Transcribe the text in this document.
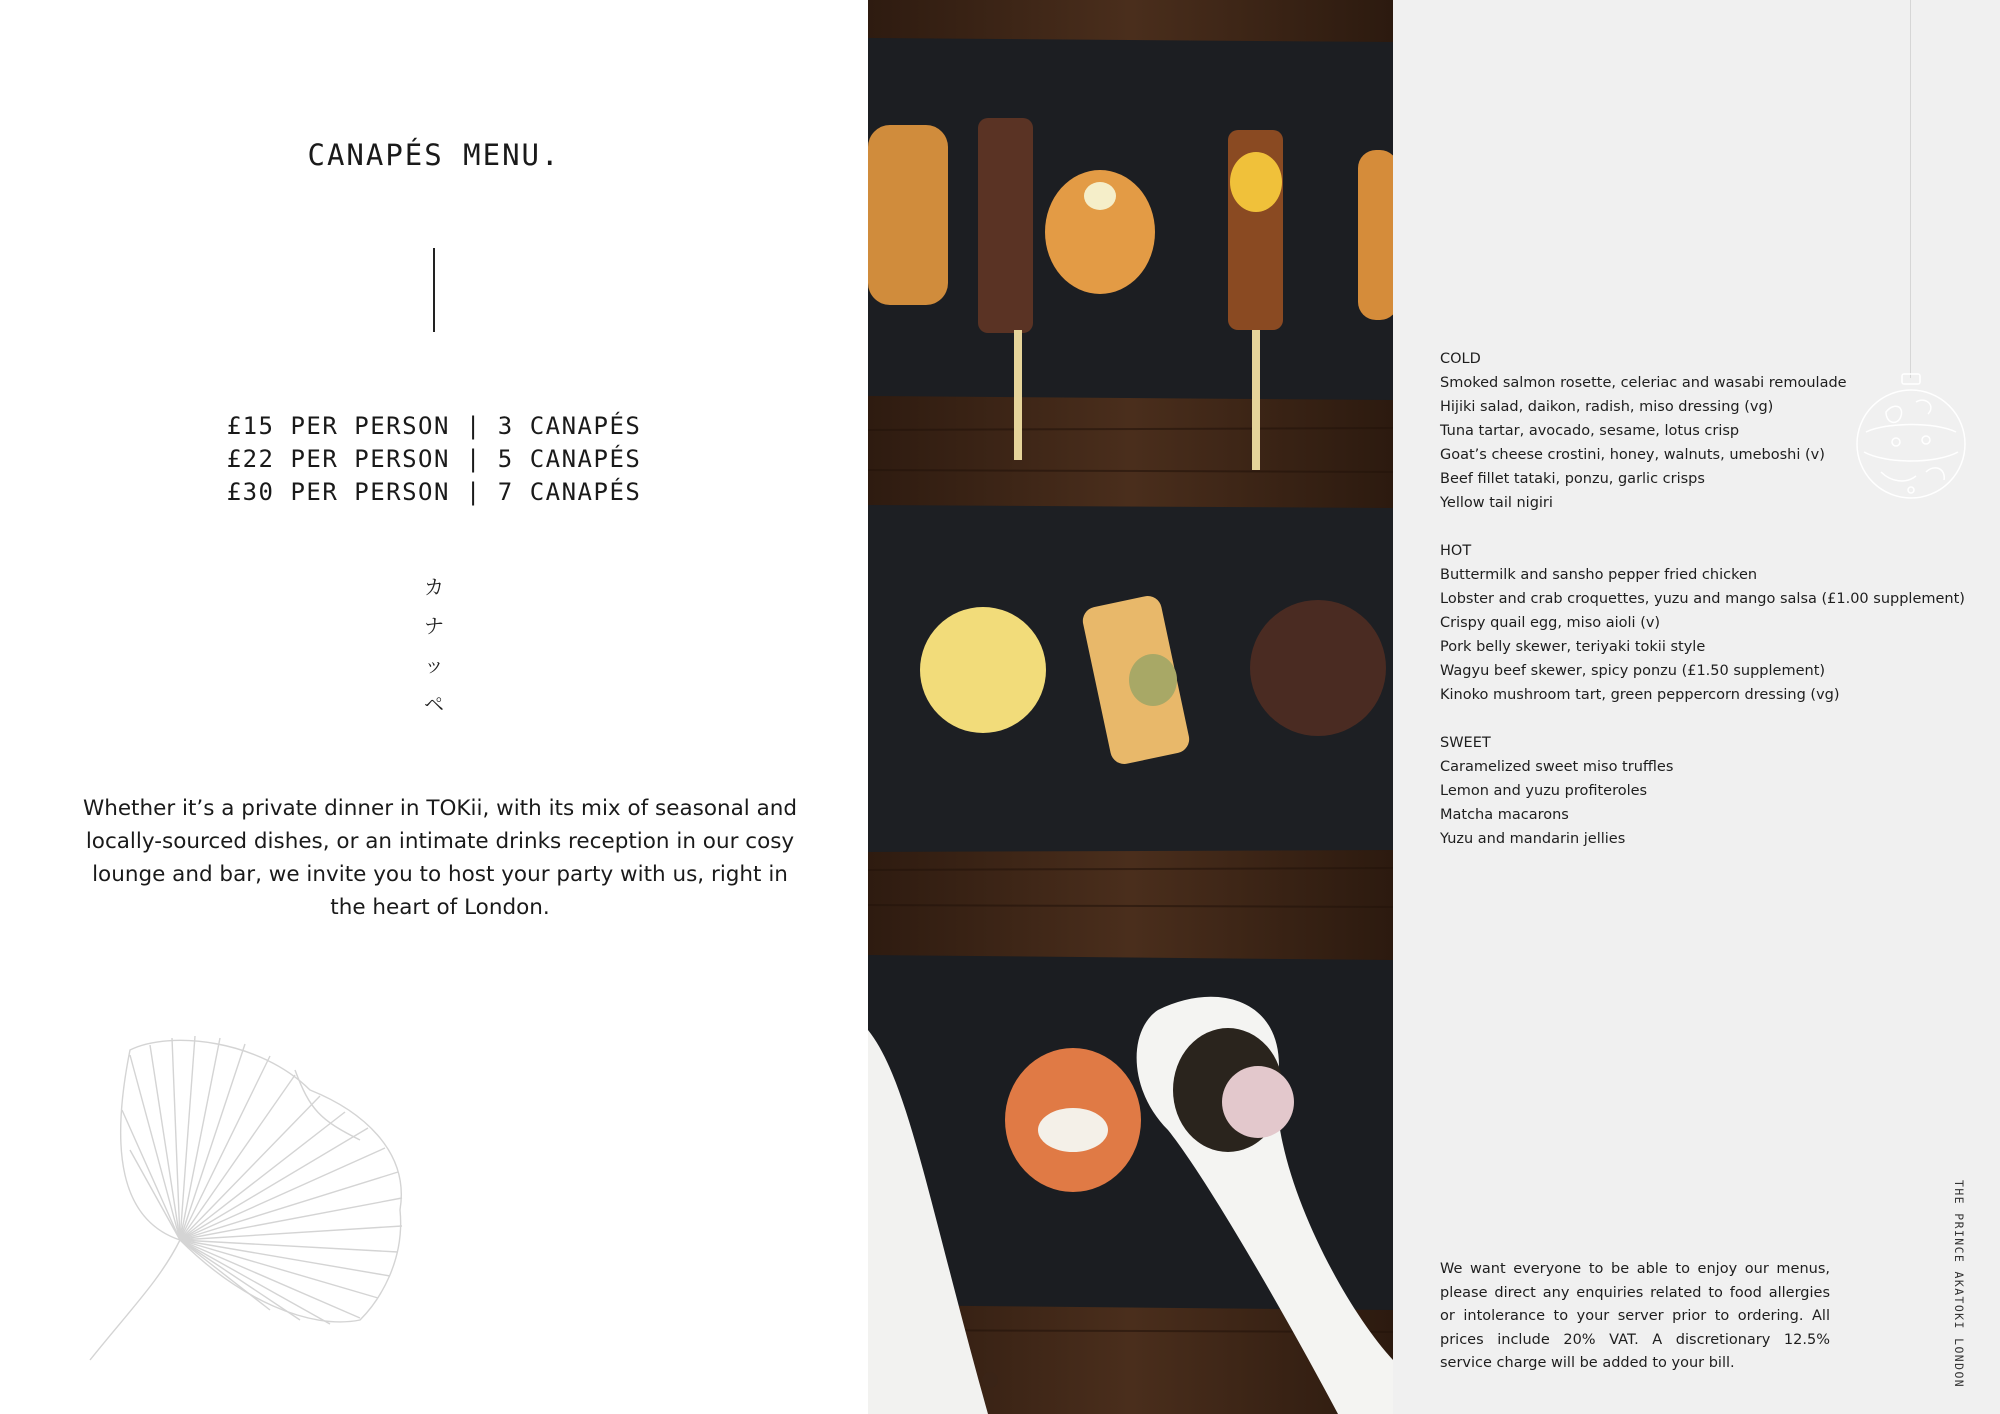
CANAPÉS MENU.
£15 PER PERSON | 3 CANAPÉS
£22 PER PERSON | 5 CANAPÉS
£30 PER PERSON | 7 CANAPÉS
カ
ナ
ッ
ペ

Whether it’s a private dinner in TOKii, with its mix of seasonal and locally-sourced dishes, or an intimate drinks reception in our cosy lounge and bar, we invite you to host your party with us, right in the heart of London.

COLD
Smoked salmon rosette, celeriac and wasabi remoulade
Hijiki salad, daikon, radish, miso dressing (vg)
Tuna tartar, avocado, sesame, lotus crisp
Goat’s cheese crostini, honey, walnuts, umeboshi (v)
Beef fillet tataki, ponzu, garlic crisps
Yellow tail nigiri
HOT
Buttermilk and sansho pepper fried chicken
Lobster and crab croquettes, yuzu and mango salsa (£1.00 supplement)
Crispy quail egg, miso aioli (v)
Pork belly skewer, teriyaki tokii style
Wagyu beef skewer, spicy ponzu (£1.50 supplement)
Kinoko mushroom tart, green peppercorn dressing (vg)
SWEET
Caramelized sweet miso truffles
Lemon and yuzu profiteroles
Matcha macarons
Yuzu and mandarin jellies

We want everyone to be able to enjoy our menus, please direct any enquiries related to food allergies or intolerance to your server prior to ordering. All prices include 20% VAT. A discretionary 12.5% service charge will be added to your bill.	THE PRINCE AKATOKI LONDON
